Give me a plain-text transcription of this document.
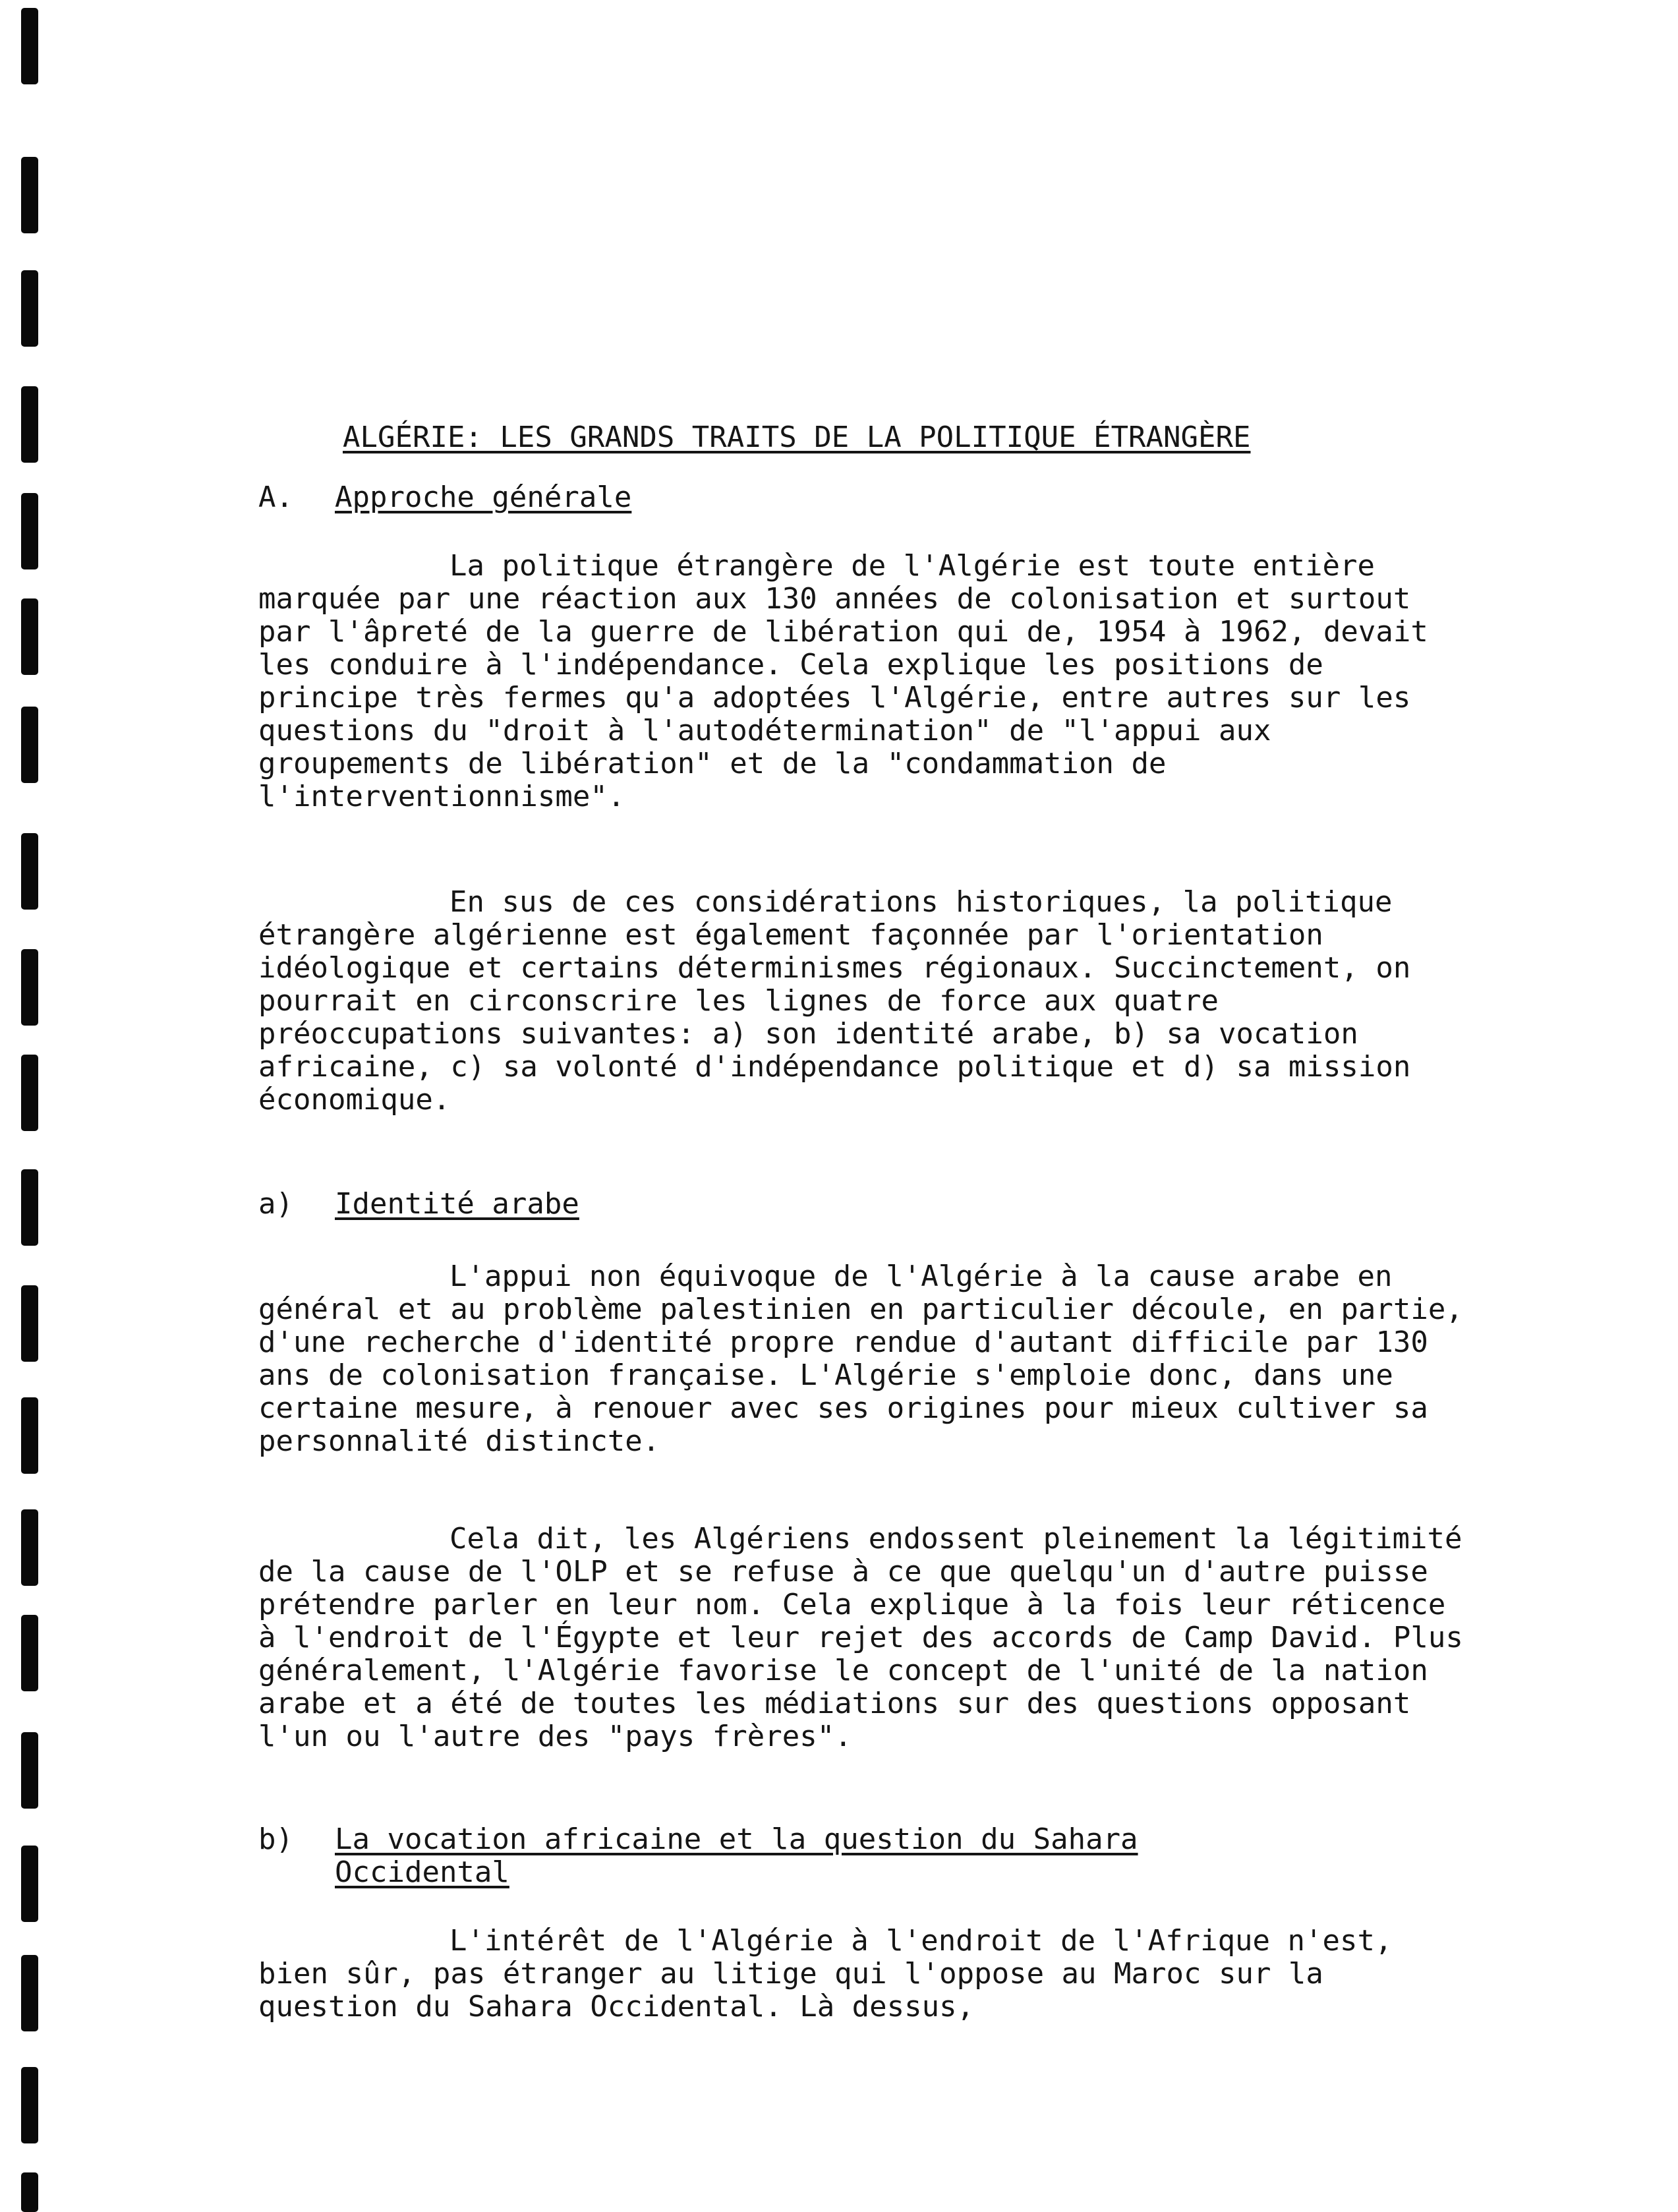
ALGÉRIE: LES GRANDS TRAITS DE LA POLITIQUE ÉTRANGÈRE
A. Approche générale

La politique étrangère de l'Algérie est toute entière marquée par une réaction aux 130 années de colonisation et surtout par l'âpreté de la guerre de libération qui de, 1954 à 1962, devait les conduire à l'indépendance. Cela explique les positions de principe très fermes qu'a adoptées l'Algérie, entre autres sur les questions du "droit à l'autodétermination" de "l'appui aux groupements de libération" et de la "condammation de l'interventionnisme".

En sus de ces considérations historiques, la politique étrangère algérienne est également façonnée par l'orientation idéologique et certains déterminismes régionaux. Succinctement, on pourrait en circonscrire les lignes de force aux quatre préoccupations suivantes: a) son identité arabe, b) sa vocation africaine, c) sa volonté d'indépendance politique et d) sa mission économique.

a) Identité arabe

L'appui non équivoque de l'Algérie à la cause arabe en général et au problème palestinien en particulier découle, en partie, d'une recherche d'identité propre rendue d'autant difficile par 130 ans de colonisation française. L'Algérie s'emploie donc, dans une certaine mesure, à renouer avec ses origines pour mieux cultiver sa personnalité distincte.

Cela dit, les Algériens endossent pleinement la légitimité de la cause de l'OLP et se refuse à ce que quelqu'un d'autre puisse prétendre parler en leur nom. Cela explique à la fois leur réticence à l'endroit de l'Égypte et leur rejet des accords de Camp David. Plus généralement, l'Algérie favorise le concept de l'unité de la nation arabe et a été de toutes les médiations sur des questions opposant l'un ou l'autre des "pays frères".

b)	La vocation africaine et la question du Sahara Occidental

L'intérêt de l'Algérie à l'endroit de l'Afrique n'est, bien sûr, pas étranger au litige qui l'oppose au Maroc sur la question du Sahara Occidental. Là dessus,
